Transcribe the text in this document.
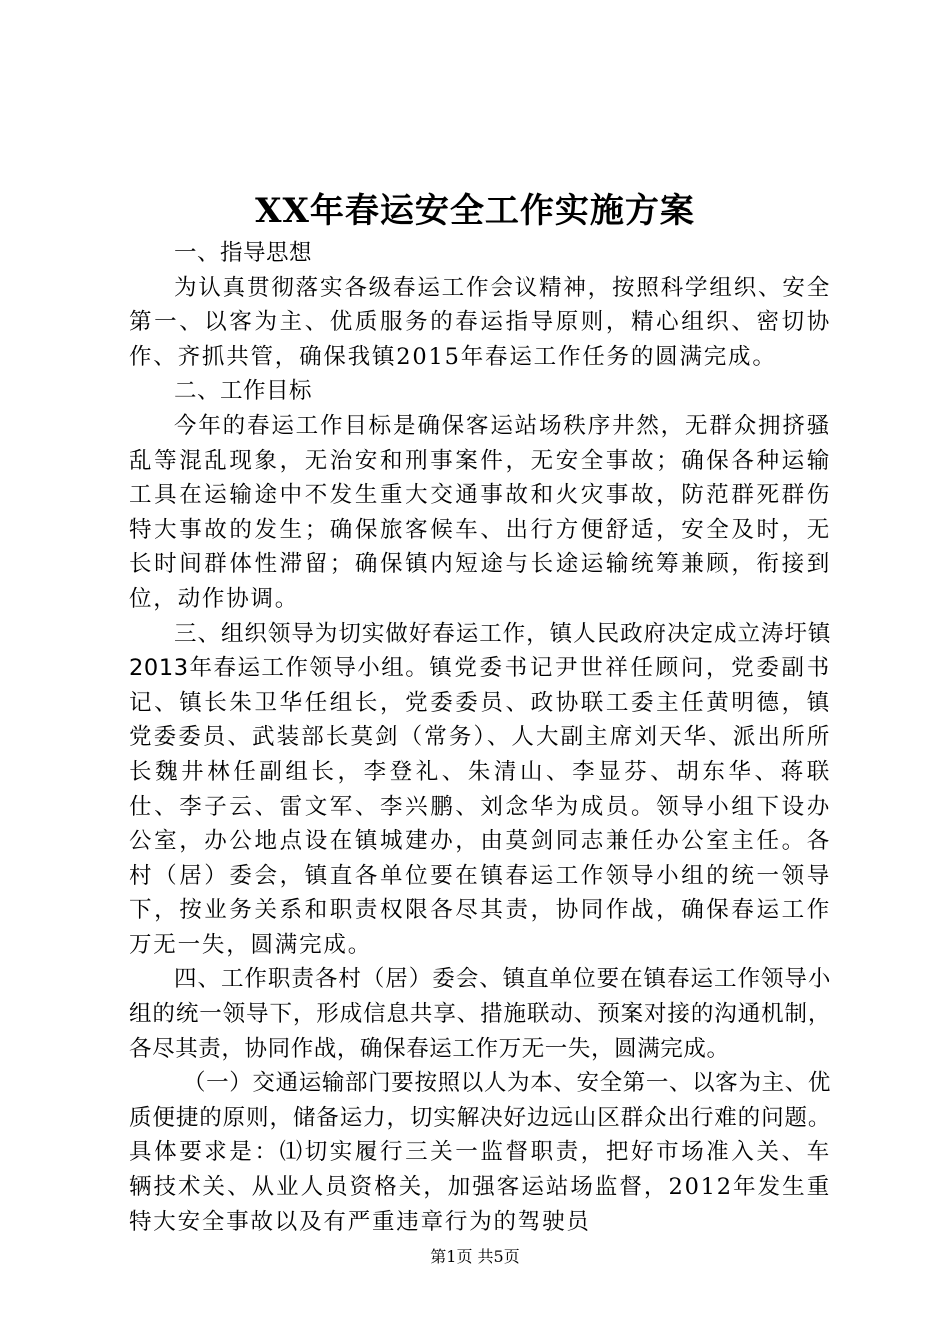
XX年春运安全工作实施方案

一、指导思想

为认真贯彻落实各级春运工作会议精神，按照科学组织、安全第一、以客为主、优质服务的春运指导原则，精心组织、密切协作、齐抓共管，确保我镇2015年春运工作任务的圆满完成。

二、工作目标

今年的春运工作目标是确保客运站场秩序井然，无群众拥挤骚乱等混乱现象，无治安和刑事案件，无安全事故；确保各种运输工具在运输途中不发生重大交通事故和火灾事故，防范群死群伤特大事故的发生；确保旅客候车、出行方便舒适，安全及时，无长时间群体性滞留；确保镇内短途与长途运输统筹兼顾，衔接到位，动作协调。

三、组织领导为切实做好春运工作，镇人民政府决定成立涛圩镇2013年春运工作领导小组。镇党委书记尹世祥任顾问，党委副书记、镇长朱卫华任组长，党委委员、政协联工委主任黄明德，镇党委委员、武装部长莫剑（常务）、人大副主席刘天华、派出所所长魏井林任副组长，李登礼、朱清山、李显芬、胡东华、蒋联仕、李子云、雷文军、李兴鹏、刘念华为成员。领导小组下设办公室，办公地点设在镇城建办，由莫剑同志兼任办公室主任。各村（居）委会，镇直各单位要在镇春运工作领导小组的统一领导下，按业务关系和职责权限各尽其责，协同作战，确保春运工作万无一失，圆满完成。

四、工作职责各村（居）委会、镇直单位要在镇春运工作领导小组的统一领导下，形成信息共享、措施联动、预案对接的沟通机制，各尽其责，协同作战，确保春运工作万无一失，圆满完成。

（一）交通运输部门要按照以人为本、安全第一、以客为主、优质便捷的原则，储备运力，切实解决好边远山区群众出行难的问题。具体要求是：⑴切实履行三关一监督职责，把好市场准入关、车辆技术关、从业人员资格关，加强客运站场监督，2012年发生重特大安全事故以及有严重违章行为的驾驶员

第1页 共5页
